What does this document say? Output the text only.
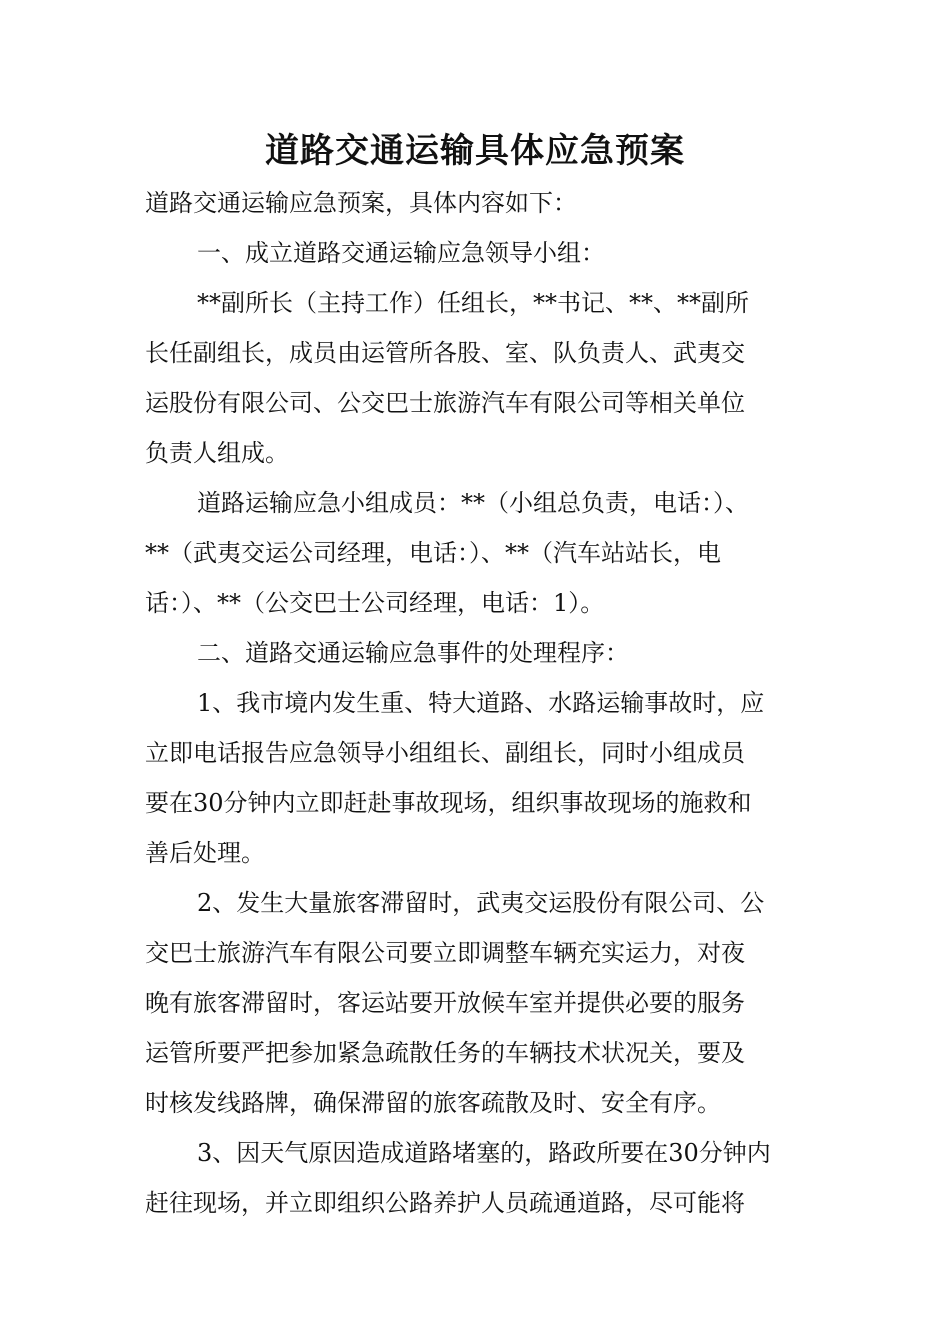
道路交通运输具体应急预案
道路交通运输应急预案，具体内容如下：
一、成立道路交通运输应急领导小组：
**副所长（主持工作）任组长，**书记、**、**副所
长任副组长，成员由运管所各股、室、队负责人、武夷交
运股份有限公司、公交巴士旅游汽车有限公司等相关单位
负责人组成。
道路运输应急小组成员：**（小组总负责，电话：）、
**（武夷交运公司经理，电话：）、**（汽车站站长，电
话：）、**（公交巴士公司经理，电话：1）。
二、道路交通运输应急事件的处理程序：
1、我市境内发生重、特大道路、水路运输事故时，应
立即电话报告应急领导小组组长、副组长，同时小组成员
要在30分钟内立即赶赴事故现场，组织事故现场的施救和
善后处理。
2、发生大量旅客滞留时，武夷交运股份有限公司、公
交巴士旅游汽车有限公司要立即调整车辆充实运力，对夜
晚有旅客滞留时，客运站要开放候车室并提供必要的服务
运管所要严把参加紧急疏散任务的车辆技术状况关，要及
时核发线路牌，确保滞留的旅客疏散及时、安全有序。
3、因天气原因造成道路堵塞的，路政所要在30分钟内
赶往现场，并立即组织公路养护人员疏通道路，尽可能将
